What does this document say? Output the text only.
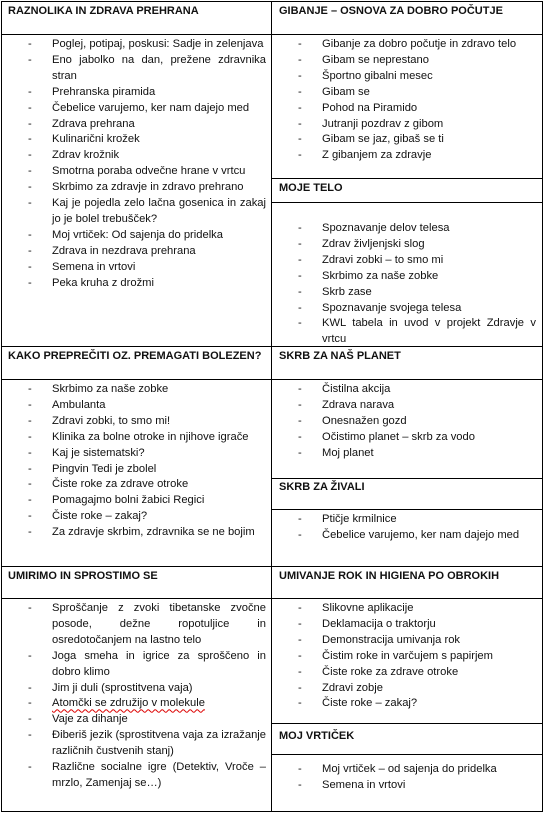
RAZNOLIKA IN ZDRAVA PREHRANA	GIBANJE – OSNOVA ZA DOBRO POČUTJE
MOJE TELO
KAKO PREPREČITI OZ. PREMAGATI BOLEZEN? SKRB ZA NAŠ PLANET
SKRB ZA ŽIVALI
UMIRIMO IN SPROSTIMO SE	UMIVANJE ROK IN HIGIENA PO OBROKIH
MOJ VRTIČEK
- Poglej, potipaj, poskusi: Sadje in zelenjava
- Eno jabolko na dan, prežene zdravnika stran
- Prehranska piramida
- Čebelice varujemo, ker nam dajejo med
- Zdrava prehrana
- Kulinarični krožek
- Zdrav krožnik
- Smotrna poraba odvečne hrane v vrtcu
- Skrbimo za zdravje in zdravo prehrano
- Kaj je pojedla zelo lačna gosenica in zakaj jo je bolel trebušček?
- Moj vrtiček: Od sajenja do pridelka
- Zdrava in nezdrava prehrana
- Semena in vrtovi
- Peka kruha z drožmi
- Gibanje za dobro počutje in zdravo telo
- Gibam se neprestano
- Športno gibalni mesec
- Gibam se
- Pohod na Piramido
- Jutranji pozdrav z gibom
- Gibam se jaz, gibaš se ti
- Z gibanjem za zdravje
- Spoznavanje delov telesa
- Zdrav življenjski slog
- Zdravi zobki – to smo mi
- Skrbimo za naše zobke
- Skrb zase
- Spoznavanje svojega telesa
- KWL tabela in uvod v projekt Zdravje v vrtcu
- Skrbimo za naše zobke
- Ambulanta
- Zdravi zobki, to smo mi!
- Klinika za bolne otroke in njihove igrače
- Kaj je sistematski?
- Pingvin Tedi je zbolel
- Čiste roke za zdrave otroke
- Pomagajmo bolni žabici Regici
- Čiste roke – zakaj?
- Za zdravje skrbim, zdravnika se ne bojim
- Čistilna akcija
- Zdrava narava
- Onesnažen gozd
- Očistimo planet – skrb za vodo
- Moj planet
- Ptičje krmilnice
- Čebelice varujemo, ker nam dajejo med
- Sproščanje z zvoki tibetanske zvočne posode, dežne ropotuljice in osredotočanjem na lastno telo
- Joga smeha in igrice za sproščeno in dobro klimo
- Jim ji duli (sprostitvena vaja)
- Atomčki se združijo v molekule
- Vaje za dihanje
- Điberiš jezik (sprostitvena vaja za izražanje različnih čustvenih stanj)
- Različne socialne igre (Detektiv, Vroče – mrzlo, Zamenjaj se…)
- Slikovne aplikacije
- Deklamacija o traktorju
- Demonstracija umivanja rok
- Čistim roke in varčujem s papirjem
- Čiste roke za zdrave otroke
- Zdravi zobje
- Čiste roke – zakaj?
- Moj vrtiček – od sajenja do pridelka
- Semena in vrtovi
